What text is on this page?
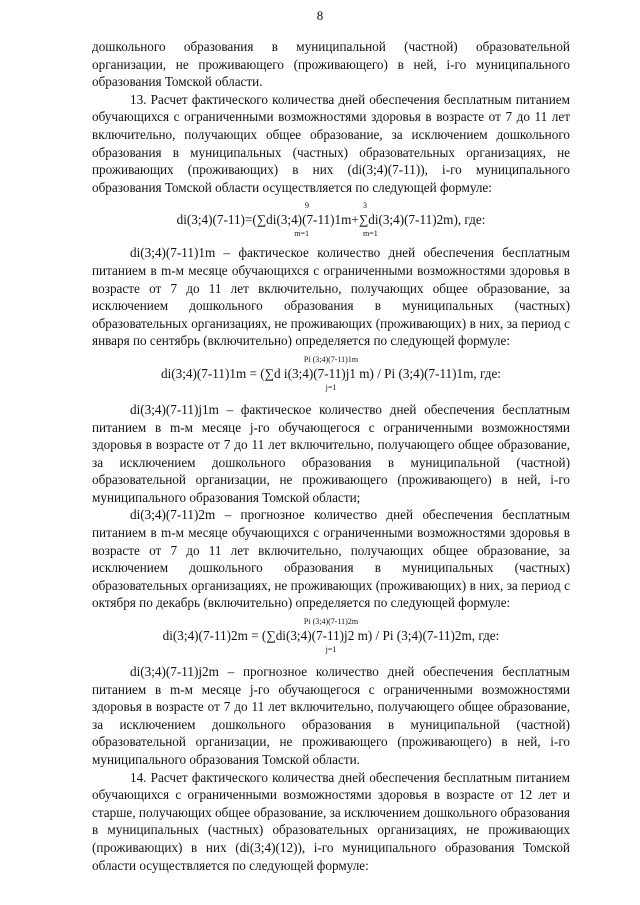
8

дошкольного образования в муниципальной (частной) образовательной организации, не проживающего (проживающего) в ней, i-го муниципального образования Томской области.

13. Расчет фактического количества дней обеспечения бесплатным питанием обучающихся с ограниченными возможностями здоровья в возрасте от 7 до 11 лет включительно, получающих общее образование, за исключением дошкольного образования в муниципальных (частных) образовательных организациях, не проживающих (проживающих) в них (di(3;4)(7-11)), i-го муниципального образования Томской области осуществляется по следующей формуле:

9	3
di(3;4)(7-11)=(∑di(3;4)(7-11)1m+∑di(3;4)(7-11)2m), где:
m=1	m=1

di(3;4)(7-11)1m – фактическое количество дней обеспечения бесплатным питанием в m-м месяце обучающихся с ограниченными возможностями здоровья в возрасте от 7 до 11 лет включительно, получающих общее образование, за исключением дошкольного образования в муниципальных (частных) образовательных организациях, не проживающих (проживающих) в них, за период с января по сентябрь (включительно) определяется по следующей формуле:

Pi (3;4)(7-11)1m
di(3;4)(7-11)1m = (∑d i(3;4)(7-11)j1 m) / Pi (3;4)(7-11)1m, где:
j=1

di(3;4)(7-11)j1m – фактическое количество дней обеспечения бесплатным питанием в m-м месяце j-го обучающегося с ограниченными возможностями здоровья в возрасте от 7 до 11 лет включительно, получающего общее образование, за исключением дошкольного образования в муниципальной (частной) образовательной организации, не проживающего (проживающего) в ней, i-го муниципального образования Томской области;

di(3;4)(7-11)2m – прогнозное количество дней обеспечения бесплатным питанием в m-м месяце обучающихся с ограниченными возможностями здоровья в возрасте от 7 до 11 лет включительно, получающих общее образование, за исключением дошкольного образования в муниципальных (частных) образовательных организациях, не проживающих (проживающих) в них, за период с октября по декабрь (включительно) определяется по следующей формуле:

Pi (3;4)(7-11)2m
di(3;4)(7-11)2m = (∑di(3;4)(7-11)j2 m) / Pi (3;4)(7-11)2m, где:
j=1

di(3;4)(7-11)j2m – прогнозное количество дней обеспечения бесплатным питанием в m-м месяце j-го обучающегося с ограниченными возможностями здоровья в возрасте от 7 до 11 лет включительно, получающего общее образование, за исключением дошкольного образования в муниципальной (частной) образовательной организации, не проживающего (проживающего) в ней, i-го муниципального образования Томской области.

14. Расчет фактического количества дней обеспечения бесплатным питанием обучающихся с ограниченными возможностями здоровья в возрасте от 12 лет и старше, получающих общее образование, за исключением дошкольного образования в муниципальных (частных) образовательных организациях, не проживающих (проживающих) в них (di(3;4)(12)), i-го муниципального образования Томской области осуществляется по следующей формуле:
